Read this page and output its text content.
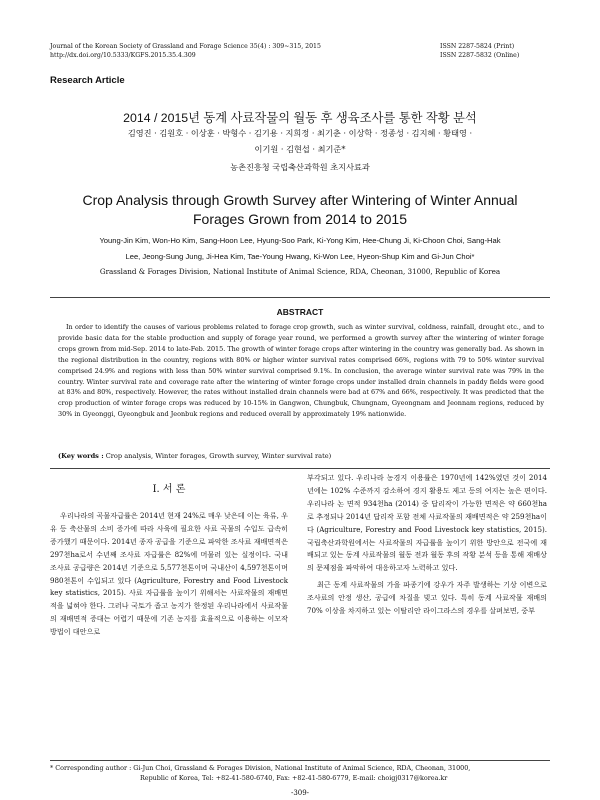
Journal of the Korean Society of Grassland and Forage Science 35(4) : 309~315, 2015
http://dx.doi.org/10.5333/KGFS.2015.35.4.309
ISSN 2287-5824 (Print)
ISSN 2287-5832 (Online)
Research Article
2014 / 2015년 동계 사료작물의 월동 후 생육조사를 통한 작황 분석
김영진 · 김원호 · 이상훈 · 박형수 · 김기용 · 지희정 · 최기춘 · 이상학 · 정종성 · 김지혜 · 황태영 ·
이기원 · 김현섭 · 최기준*
농촌진흥청 국립축산과학원 초지사료과
Crop Analysis through Growth Survey after Wintering of Winter Annual
Forages Grown from 2014 to 2015
Young-Jin Kim, Won-Ho Kim, Sang-Hoon Lee, Hyung-Soo Park, Ki-Yong Kim, Hee-Chung Ji, Ki-Choon Choi, Sang-Hak
Lee, Jeong-Sung Jung, Ji-Hea Kim, Tae-Young Hwang, Ki-Won Lee, Hyeon-Shup Kim and Gi-Jun Choi*
Grassland & Forages Division, National Institute of Animal Science, RDA, Cheonan, 31000, Republic of Korea
ABSTRACT
In order to identify the causes of various problems related to forage crop growth, such as winter survival, coldness, rainfall, drought etc., and to provide basic data for the stable production and supply of forage year round, we performed a growth survey after the wintering of winter forage crops grown from mid-Sep. 2014 to late-Feb. 2015. The growth of winter forage crops after wintering in the country was generally bad. As shown in the regional distribution in the country, regions with 80% or higher winter survival rates comprised 66%, regions with 79 to 50% winter survival comprised 24.9% and regions with less than 50% winter survival comprised 9.1%. In conclusion, the average winter survival rate was 79% in the country. Winter survival rate and coverage rate after the wintering of winter forage crops under installed drain channels in paddy fields were good at 83% and 80%, respectively. However, the rates without installed drain channels were bad at 67% and 66%, respectively. It was predicted that the crop production of winter forage crops was reduced by 10-15% in Gangwon, Chungbuk, Chungnam, Gyeongnam and Jeonnam regions, reduced by 30% in Gyeonggi, Gyeongbuk and Jeonbuk regions and reduced overall by approximately 19% nationwide.
(Key words : Crop analysis, Winter forages, Growth survey, Winter survival rate)
Ⅰ. 서 론

우리나라의 곡물자급률은 2014년 현재 24%로 매우 낮은데 이는 육류, 우유 등 축산물의 소비 증가에 따라 사육에 필요한 사료 곡물의 수입도 급속히 증가했기 때문이다. 2014년 종자 공급을 기준으로 파악한 조사료 재배면적은 297천ha로서 수년째 조사료 자급률은 82%에 머물러 있는 실정이다. 국내 조사료 공급량은 2014년 기준으로 5,577천톤이며 국내산이 4,597천톤이며 980천톤이 수입되고 있다 (Agriculture, Forestry and Food Livestock key statistics, 2015). 사료 자급률을 높이기 위해서는 사료작물의 재배면적을 넓혀야 한다. 그러나 국토가 좁고 농지가 한정된 우리나라에서 사료작물의 재배면적 증대는 어렵기 때문에 기존 농지를 효율적으로 이용하는 이모작 방법이 대안으로

부각되고 있다. 우리나라 농경지 이용률은 1970년에 142%였던 것이 2014년에는 102% 수준까지 감소하여 경지 활용도 제고 등의 여지는 높은 편이다. 우리나라 논 면적 934천ha (2014) 중 답리작이 가능한 면적은 약 660천ha로 추정되나 2014년 답리작 포함 전체 사료작물의 재배면적은 약 259천ha이다 (Agriculture, Forestry and Food Livestock key statistics, 2015). 국립축산과학원에서는 사료작물의 자급률을 높이기 위한 방안으로 전국에 재배되고 있는 동계 사료작물의 월동 전과 월동 후의 작황 분석 등을 통해 재배상의 문제점을 파악하여 대응하고자 노력하고 있다.

최근 동계 사료작물의 가을 파종기에 강우가 자주 발생하는 기상 이변으로 조사료의 안정 생산, 공급에 차질을 빚고 있다. 특히 동계 사료작물 재배의 70% 이상을 차지하고 있는 이탈리안 라이그라스의 경우를 살펴보면, 중부

* Corresponding author : Gi-Jun Choi, Grassland & Forages Division, National Institute of Animal Science, RDA, Cheonan, 31000,
Republic of Korea, Tel: +82-41-580-6740, Fax: +82-41-580-6779, E-mail: choigj0317@korea.kr
-309-
